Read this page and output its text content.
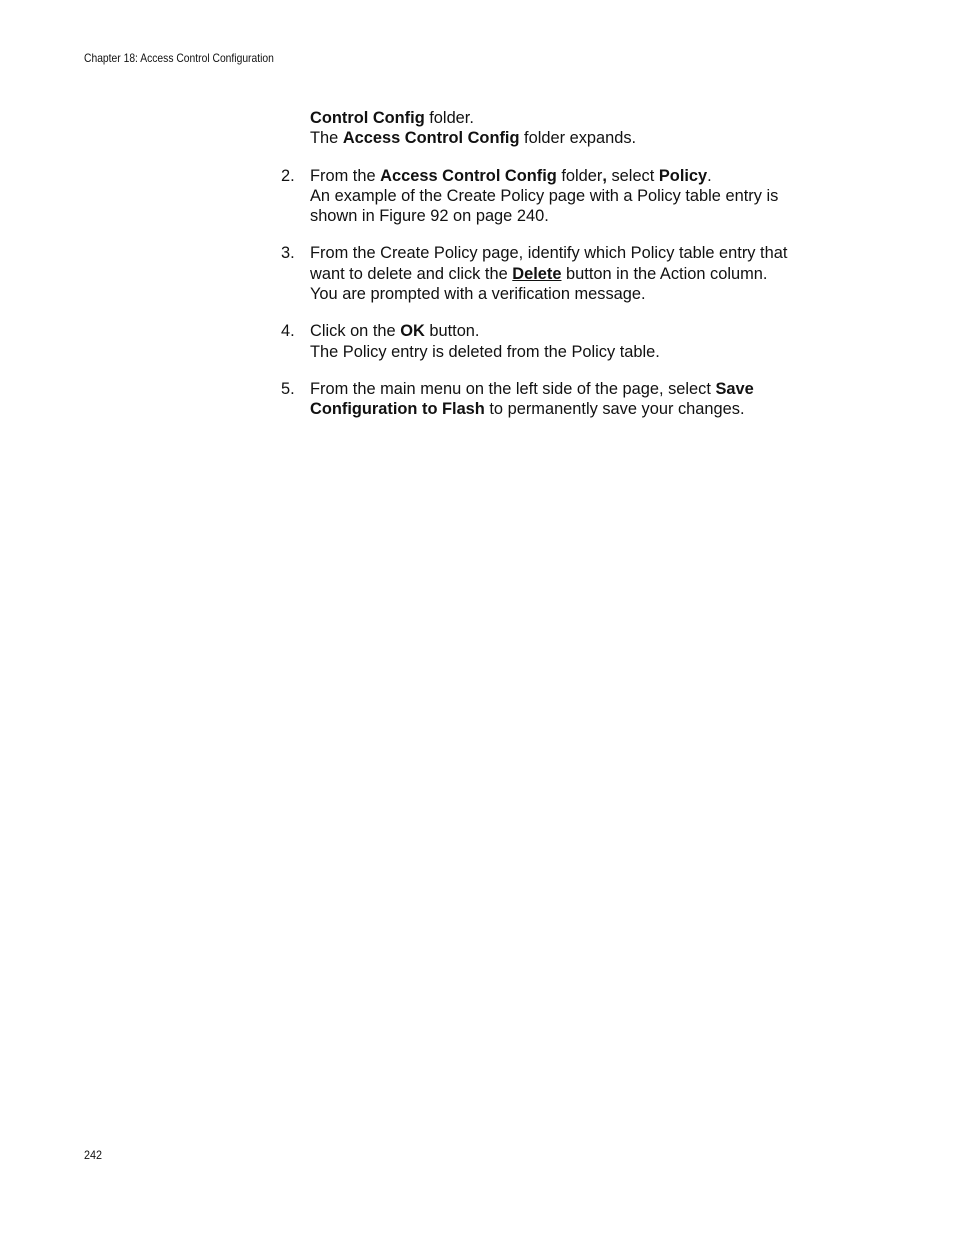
Chapter 18: Access Control Configuration
Control Config folder.
The Access Control Config folder expands.
2. From the Access Control Config folder, select Policy.
An example of the Create Policy page with a Policy table entry is
shown in Figure 92 on page 240.
3. From the Create Policy page, identify which Policy table entry that
want to delete and click the Delete button in the Action column.
You are prompted with a verification message.
4. Click on the OK button.
The Policy entry is deleted from the Policy table.
5. From the main menu on the left side of the page, select Save
Configuration to Flash to permanently save your changes.
242
